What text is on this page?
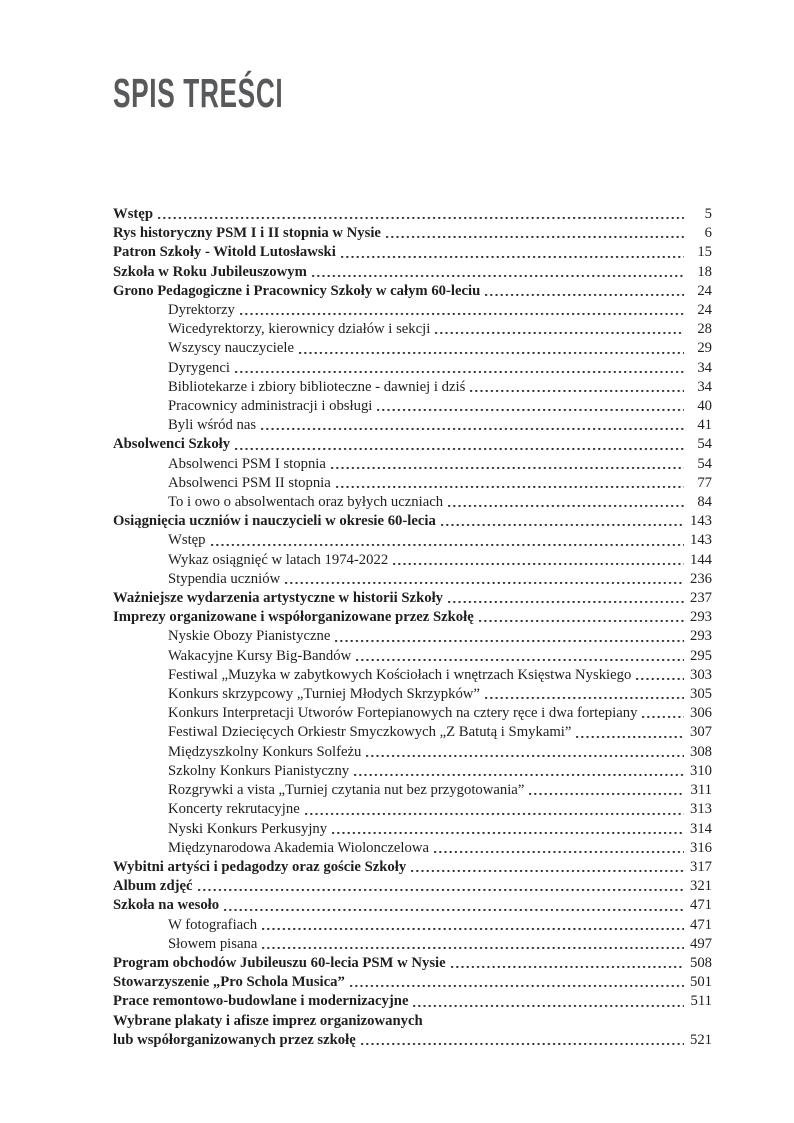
SPIS TREŚCI
Wstęp	5
Rys historyczny PSM I i II stopnia w Nysie	6
Patron Szkoły - Witold Lutosławski	15
Szkoła w Roku Jubileuszowym	18
Grono Pedagogiczne i Pracownicy Szkoły w całym 60-leciu	24
Dyrektorzy	24
Wicedyrektorzy, kierownicy działów i sekcji	28
Wszyscy nauczyciele	29
Dyrygenci	34
Bibliotekarze i zbiory biblioteczne - dawniej i dziś	34
Pracownicy administracji i obsługi	40
Byli wśród nas	41
Absolwenci Szkoły	54
Absolwenci PSM I stopnia	54
Absolwenci PSM II stopnia	77
To i owo o absolwentach oraz byłych uczniach	84
Osiągnięcia uczniów i nauczycieli w okresie 60-lecia	143
Wstęp	143
Wykaz osiągnięć w latach 1974-2022	144
Stypendia uczniów	236
Ważniejsze wydarzenia artystyczne w historii Szkoły	237
Imprezy organizowane i współorganizowane przez Szkołę	293
Nyskie Obozy Pianistyczne	293
Wakacyjne Kursy Big-Bandów	295
Festiwal „Muzyka w zabytkowych Kościołach i wnętrzach Księstwa Nyskiego	303
Konkurs skrzypcowy „Turniej Młodych Skrzypków”	305
Konkurs Interpretacji Utworów Fortepianowych na cztery ręce i dwa fortepiany	306
Festiwal Dziecięcych Orkiestr Smyczkowych „Z Batutą i Smykami”	307
Międzyszkolny Konkurs Solfeżu	308
Szkolny Konkurs Pianistyczny	310
Rozgrywki a vista „Turniej czytania nut bez przygotowania”	311
Koncerty rekrutacyjne	313
Nyski Konkurs Perkusyjny	314
Międzynarodowa Akademia Wiolonczelowa	316
Wybitni artyści i pedagodzy oraz goście Szkoły	317
Album zdjęć	321
Szkoła na wesoło	471
W fotografiach	471
Słowem pisana	497
Program obchodów Jubileuszu 60-lecia PSM w Nysie	508
Stowarzyszenie „Pro Schola Musica”	501
Prace remontowo-budowlane i modernizacyjne	511
Wybrane plakaty i afisze imprez organizowanych
lub współorganizowanych przez szkołę	521
